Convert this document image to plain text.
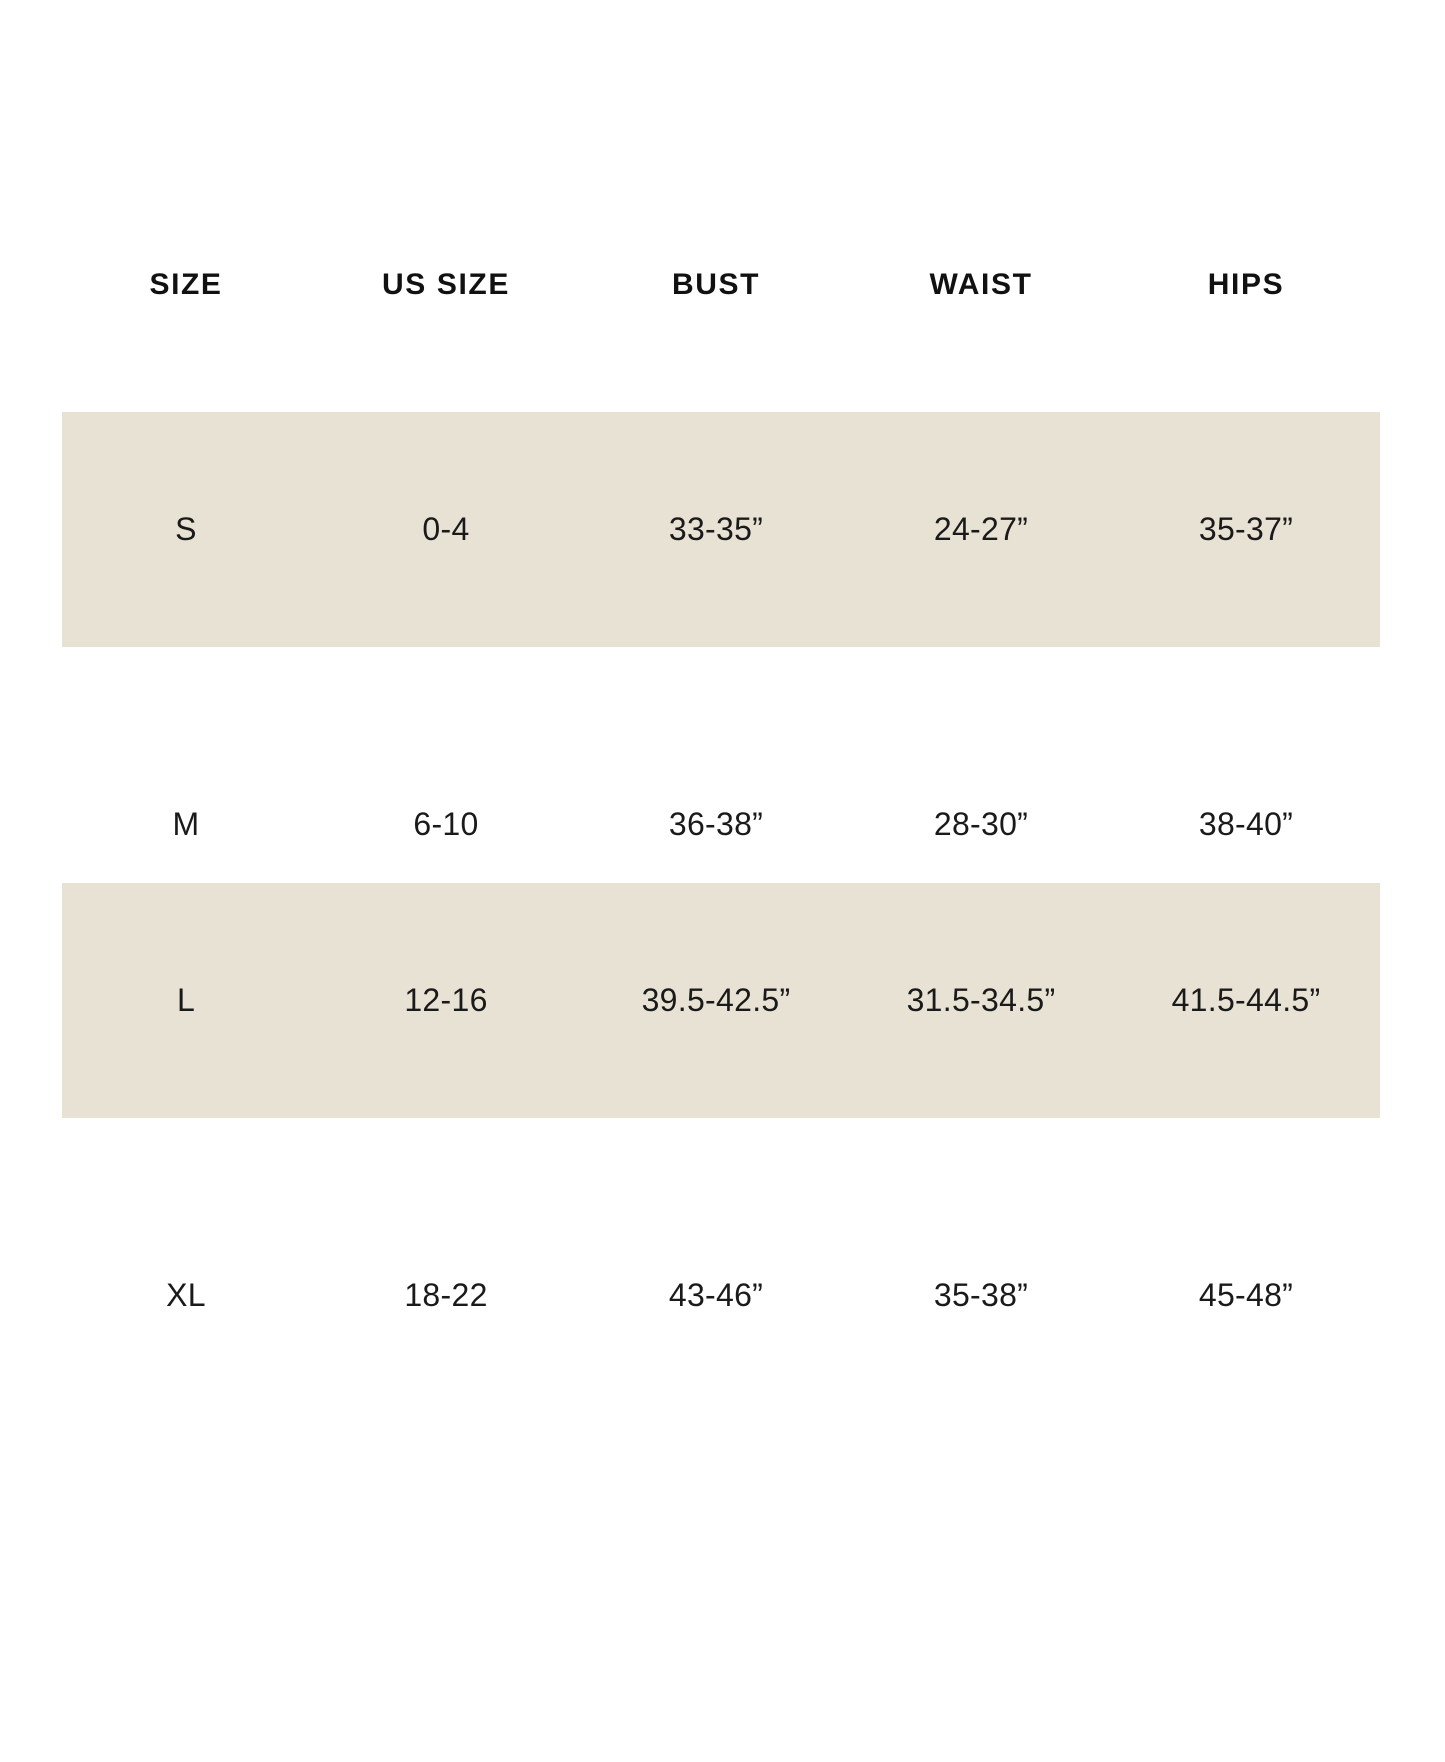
SIZE	US SIZE	BUST	WAIST	HIPS
S	0-4	33-35”	24-27”	35-37”

M	6-10	36-38”	28-30”	38-40”
L	12-16	39.5-42.5”	31.5-34.5”	41.5-44.5”

XL	18-22	43-46”	35-38”	45-48”
